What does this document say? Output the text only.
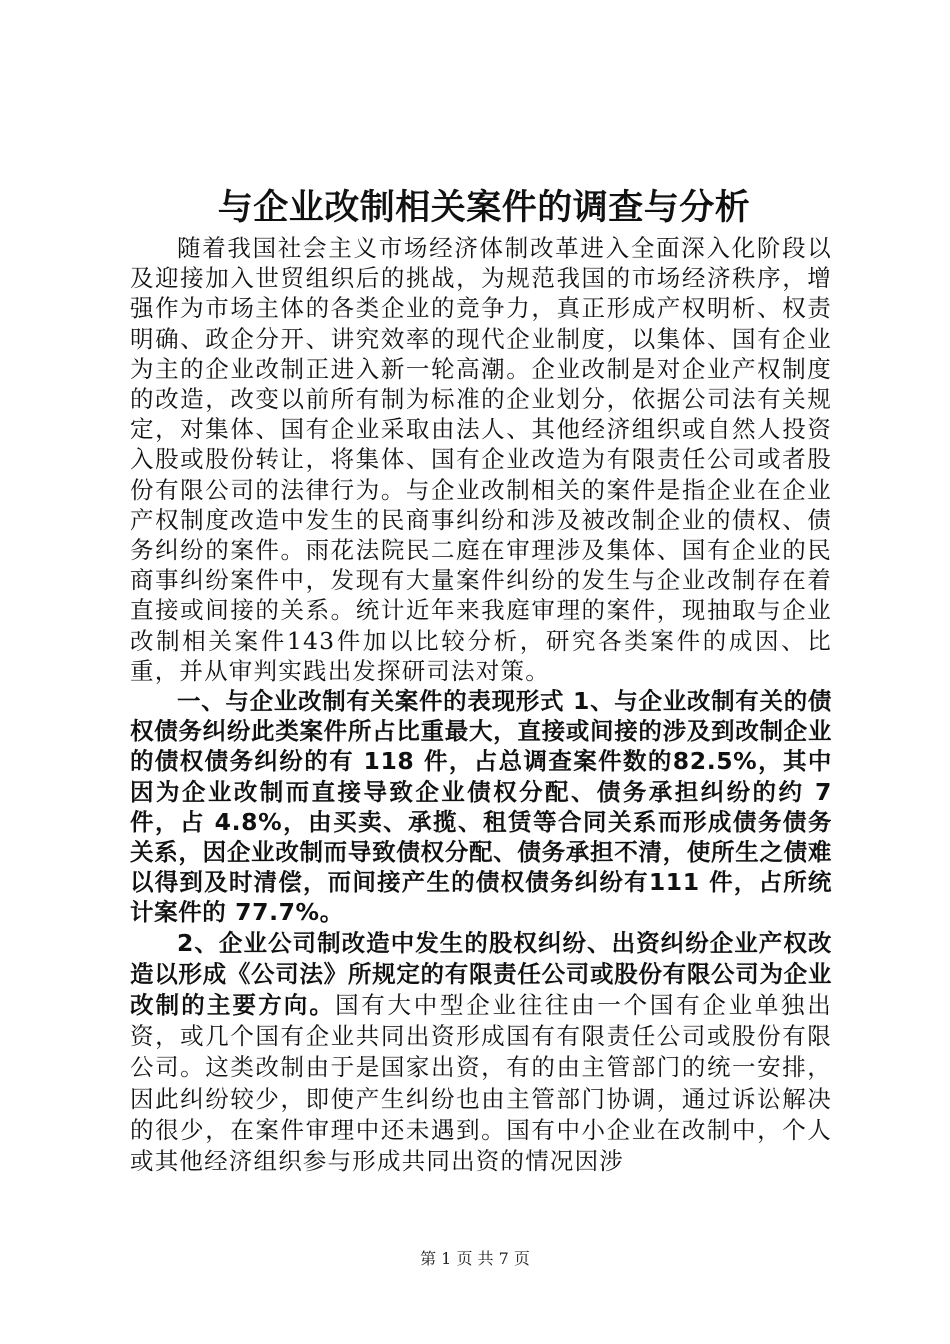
与企业改制相关案件的调查与分析

随着我国社会主义市场经济体制改革进入全面深入化阶段以及迎接加入世贸组织后的挑战，为规范我国的市场经济秩序，增强作为市场主体的各类企业的竞争力，真正形成产权明析、权责明确、政企分开、讲究效率的现代企业制度，以集体、国有企业为主的企业改制正进入新一轮高潮。企业改制是对企业产权制度的改造，改变以前所有制为标准的企业划分，依据公司法有关规定，对集体、国有企业采取由法人、其他经济组织或自然人投资入股或股份转让，将集体、国有企业改造为有限责任公司或者股份有限公司的法律行为。与企业改制相关的案件是指企业在企业产权制度改造中发生的民商事纠纷和涉及被改制企业的债权、债务纠纷的案件。雨花法院民二庭在审理涉及集体、国有企业的民商事纠纷案件中，发现有大量案件纠纷的发生与企业改制存在着直接或间接的关系。统计近年来我庭审理的案件，现抽取与企业改制相关案件143件加以比较分析，研究各类案件的成因、比重，并从审判实践出发探研司法对策。

一、与企业改制有关案件的表现形式 1、与企业改制有关的债权债务纠纷此类案件所占比重最大，直接或间接的涉及到改制企业的债权债务纠纷的有 118 件，占总调查案件数的82.5%，其中因为企业改制而直接导致企业债权分配、债务承担纠纷的约 7 件，占 4.8%，由买卖、承揽、租赁等合同关系而形成债务债务关系，因企业改制而导致债权分配、债务承担不清，使所生之债难以得到及时清偿，而间接产生的债权债务纠纷有111 件，占所统计案件的 77.7%。

2、企业公司制改造中发生的股权纠纷、出资纠纷企业产权改造以形成《公司法》所规定的有限责任公司或股份有限公司为企业改制的主要方向。国有大中型企业往往由一个国有企业单独出资，或几个国有企业共同出资形成国有有限责任公司或股份有限公司。这类改制由于是国家出资，有的由主管部门的统一安排，因此纠纷较少，即使产生纠纷也由主管部门协调，通过诉讼解决的很少，在案件审理中还未遇到。国有中小企业在改制中，个人或其他经济组织参与形成共同出资的情况因涉

第 1 页 共 7 页
